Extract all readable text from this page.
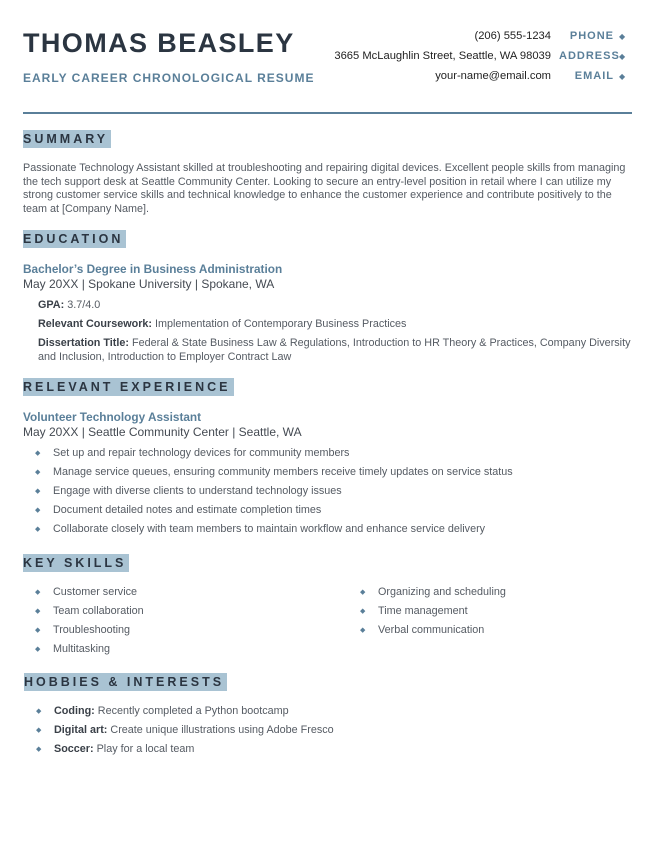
THOMAS BEASLEY
EARLY CAREER CHRONOLOGICAL RESUME
(206) 555-1234	PHONE ◆
3665 McLaughlin Street, Seattle, WA 98039 ADDRESS ◆
your-name@email.com	EMAIL ◆
SUMMARY
Passionate Technology Assistant skilled at troubleshooting and repairing digital devices. Excellent people skills from managing the tech support desk at Seattle Community Center. Looking to secure an entry-level position in retail where I can utilize my strong customer service skills and technical knowledge to enhance the customer experience and contribute positively to the team at [Company Name].
EDUCATION
Bachelor’s Degree in Business Administration
May 20XX | Spokane University | Spokane, WA
GPA: 3.7/4.0
Relevant Coursework: Implementation of Contemporary Business Practices
Dissertation Title: Federal & State Business Law & Regulations, Introduction to HR Theory & Practices, Company Diversity and Inclusion, Introduction to Employer Contract Law
RELEVANT EXPERIENCE
Volunteer Technology Assistant
May 20XX | Seattle Community Center | Seattle, WA
◆ Set up and repair technology devices for community members
◆ Manage service queues, ensuring community members receive timely updates on service status
◆ Engage with diverse clients to understand technology issues
◆ Document detailed notes and estimate completion times
◆ Collaborate closely with team members to maintain workflow and enhance service delivery
KEY SKILLS
◆ Customer service
◆ Team collaboration
◆ Troubleshooting
◆ Multitasking
◆ Organizing and scheduling
◆ Time management
◆ Verbal communication
HOBBIES & INTERESTS
◆ Coding: Recently completed a Python bootcamp
◆ Digital art: Create unique illustrations using Adobe Fresco
◆ Soccer: Play for a local team
